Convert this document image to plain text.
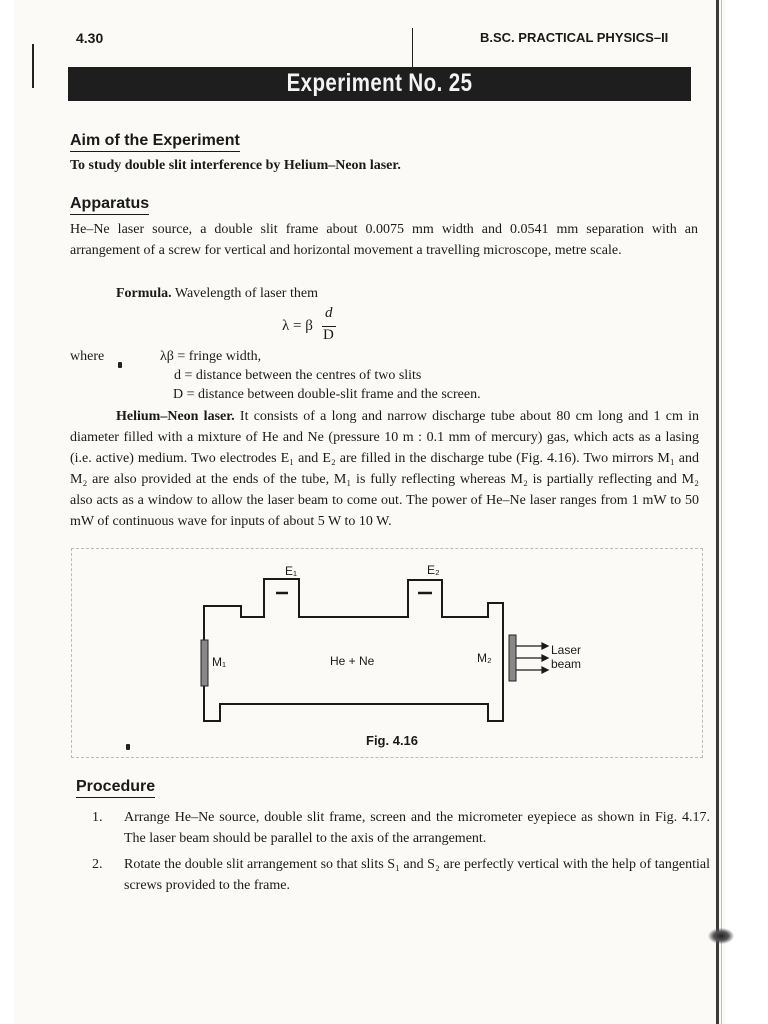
4.30	B.SC. PRACTICAL PHYSICS–II
Experiment No. 25
Aim of the Experiment
To study double slit interference by Helium–Neon laser.
Apparatus

He–Ne laser source, a double slit frame about 0.0075 mm width and 0.0541 mm separation with an arrangement of a screw for vertical and horizontal movement a travelling microscope, metre scale.

Formula. Wavelength of laser them
λ = β
d
D
where	λβ = fringe width,
d = distance between the centres of two slits
D = distance between double-slit frame and the screen.

Helium–Neon laser. It consists of a long and narrow discharge tube about 80 cm long and 1 cm in diameter filled with a mixture of He and Ne (pressure 10 m : 0.1 mm of mercury) gas, which acts as a lasing (i.e. active) medium. Two electrodes E₁ and E₂ are filled in the discharge tube (Fig. 4.16). Two mirrors M₁ and M₂ are also provided at the ends of the tube, M₁ is fully reflecting whereas M₂ is partially reflecting and M₂ also acts as a window to allow the laser beam to come out. The power of He–Ne laser ranges from 1 mW to 50 mW of continuous wave for inputs of about 5 W to 10 W.

E₁	E₂
M₁	M₂
He + Ne
Laser
beam
Fig. 4.16
Procedure
1. Arrange He–Ne source, double slit frame, screen and the micrometer eyepiece as shown in Fig. 4.17. The laser beam should be parallel to the axis of the arrangement.
2. Rotate the double slit arrangement so that slits S₁ and S₂ are perfectly vertical with the help of tangential screws provided to the frame.
